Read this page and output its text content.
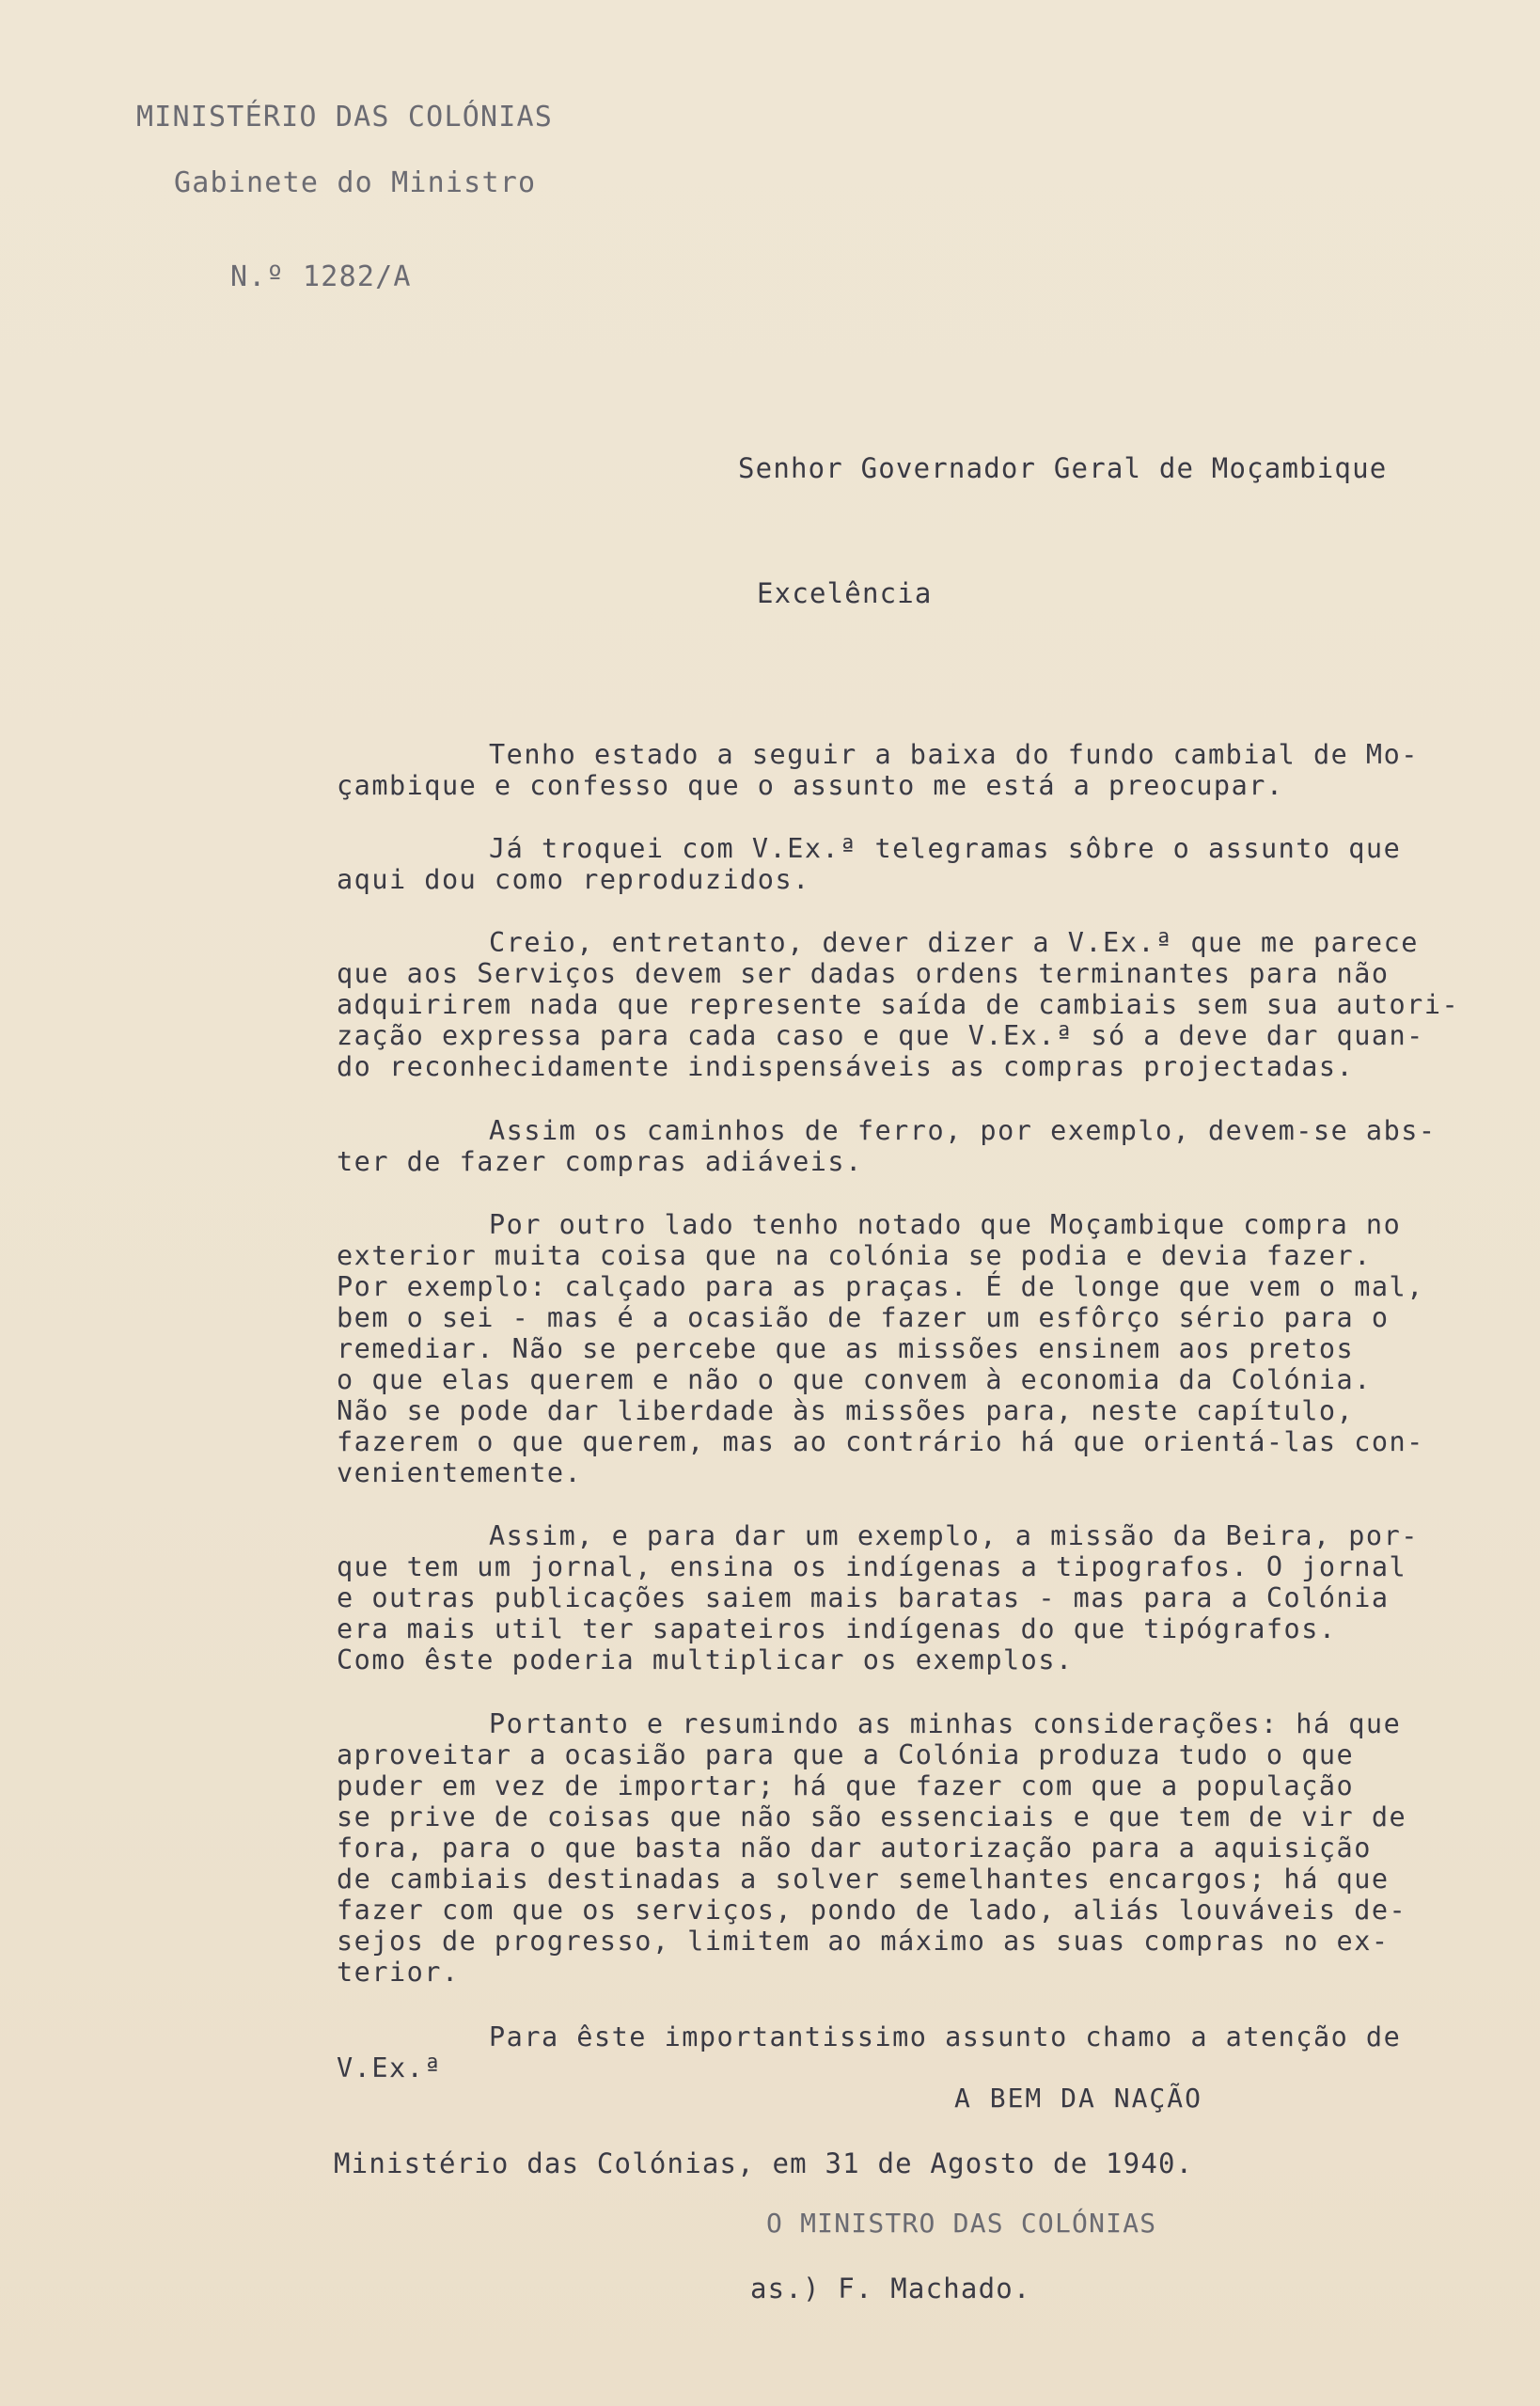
MINISTÉRIO DAS COLÓNIAS
Gabinete do Ministro
N.º 1282/A
Senhor Governador Geral de Moçambique
Excelência
A BEM DA NAÇÃO
Ministério das Colónias, em 31 de Agosto de 1940.
O MINISTRO DAS COLÓNIAS
as.) F. Machado.
Tenho estado a seguir a baixa do fundo cambial de Mo-
çambique e confesso que o assunto me está a preocupar.
Já troquei com V.Ex.ª telegramas sôbre o assunto que
aqui dou como reproduzidos.
Creio, entretanto, dever dizer a V.Ex.ª que me parece
que aos Serviços devem ser dadas ordens terminantes para não
adquirirem nada que represente saída de cambiais sem sua autori-
zação expressa para cada caso e que V.Ex.ª só a deve dar quan-
do reconhecidamente indispensáveis as compras projectadas.
Assim os caminhos de ferro, por exemplo, devem-se abs-
ter de fazer compras adiáveis.
Por outro lado tenho notado que Moçambique compra no
exterior muita coisa que na colónia se podia e devia fazer.
Por exemplo: calçado para as praças. É de longe que vem o mal,
bem o sei - mas é a ocasião de fazer um esfôrço sério para o
remediar. Não se percebe que as missões ensinem aos pretos
o que elas querem e não o que convem à economia da Colónia.
Não se pode dar liberdade às missões para, neste capítulo,
fazerem o que querem, mas ao contrário há que orientá-las con-
venientemente.
Assim, e para dar um exemplo, a missão da Beira, por-
que tem um jornal, ensina os indígenas a tipografos. O jornal
e outras publicações saiem mais baratas - mas para a Colónia
era mais util ter sapateiros indígenas do que tipógrafos.
Como êste poderia multiplicar os exemplos.
Portanto e resumindo as minhas considerações: há que
aproveitar a ocasião para que a Colónia produza tudo o que
puder em vez de importar; há que fazer com que a população
se prive de coisas que não são essenciais e que tem de vir de
fora, para o que basta não dar autorização para a aquisição
de cambiais destinadas a solver semelhantes encargos; há que
fazer com que os serviços, pondo de lado, aliás louváveis de-
sejos de progresso, limitem ao máximo as suas compras no ex-
terior.
Para êste importantissimo assunto chamo a atenção de
V.Ex.ª
